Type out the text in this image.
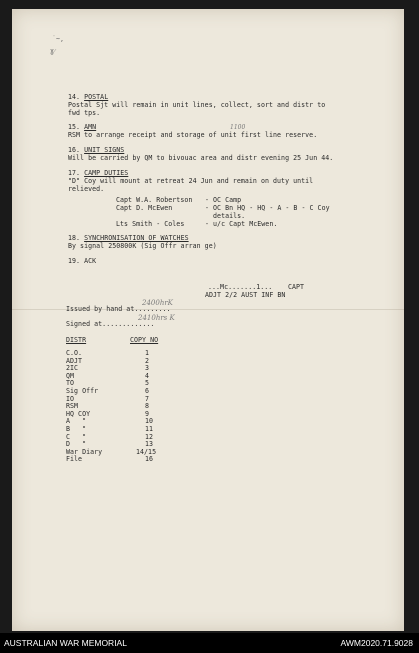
˙~,
ɣ⁄
14. POSTAL
Postal Sjt will remain in unit lines, collect, sort and distr to
fwd tps.
15. AMN
RSM to arrange receipt and storage of unit first line reserve.
1100
16. UNIT SIGNS
Will be carried by QM to bivouac area and distr evening 25 Jun 44.
17. CAMP DUTIES
"D" Coy will mount at retreat 24 Jun and remain on duty until
relieved.
Capt W.A. Robertson - OC Camp
Capt D. McEwen	- OC Bn HQ - HQ - A - B - C Coy
details.
Lts Smith - Coles	- u/c Capt McEwen.
18. SYNCHRONISATION OF WATCHES
By signal 250800K (Sig Offr arran ge)
19. ACK
...Mc.......1... CAPT
ADJT 2/2 AUST INF BN
Issued by hand at.........
2400hrK
Signed at.............
2410hrs K
DISTR	COPY NO
C.O.	1
ADJT	2
2IC	3
QM	4
TO	5
Sig Offr	6
IO	7
RSM	8
HQ COY	9
A   "	10
B   "	11
C   "	12
D   "	13
War Diary	14/15
File	16
AUSTRALIAN WAR MEMORIAL	AWM2020.71.9028
